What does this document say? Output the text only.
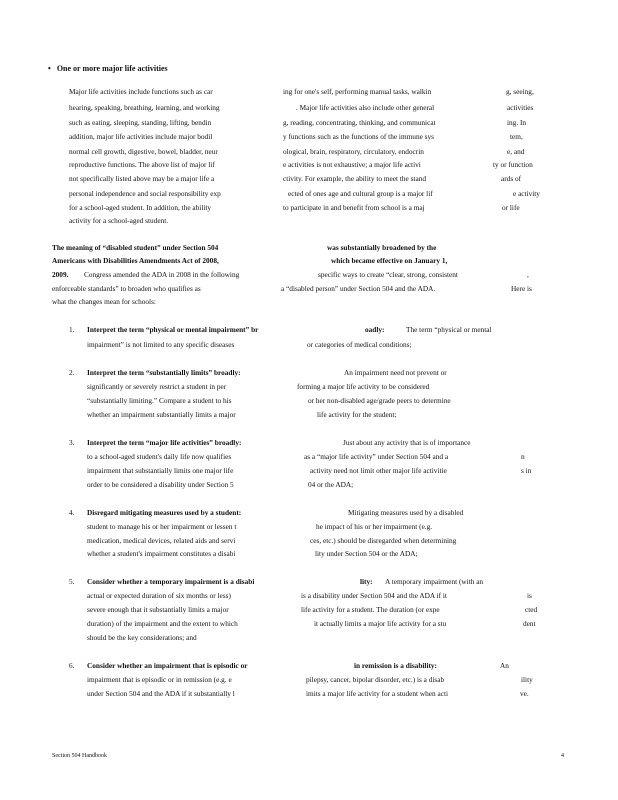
• One or more major life activities
Major life activities include functions such as car	ing for one's self, performing manual tasks, walkin	g, seeing,
hearing, speaking, breathing, learning, and working	. Major life activities also include other general	activities
such as eating, sleeping, standing, lifting, bendin	g, reading, concentrating, thinking, and communicat	ing. In
addition, major life activities include major bodil	y functions such as the functions of the immune sys	tem,
normal cell growth, digestive, bowel, bladder, neur	ological, brain, respiratory, circulatory, endocrin	e, and
reproductive functions. The above list of major lif	e activities is not exhaustive; a major life activi	ty or function
not specifically listed above may be a major life a	ctivity. For example, the ability to meet the stand	ards of
personal independence and social responsibility exp	ected of ones age and cultural group is a major lif	e activity
for a school-aged student. In addition, the ability	to participate in and benefit from school is a maj	or life
activity for a school-aged student.
The meaning of “disabled student” under Section 504	was substantially broadened by the
Americans with Disabilities Amendments Act of 2008,	which became effective on January 1,
2009. Congress amended the ADA in 2008 in the following	specific ways to create “clear, strong, consistent	,
enforceable standards” to broaden who qualifies as	a “disabled person” under Section 504 and the ADA.	Here is
what the changes mean for schools:
1. Interpret the term “physical or mental impairment” br	oadly:	The term “physical or mental
impairment” is not limited to any specific diseases	or categories of medical conditions;
2. Interpret the term “substantially limits” broadly:	An impairment need not prevent or
significantly or severely restrict a student in per	forming a major life activity to be considered
“substantially limiting.” Compare a student to his	or her non-disabled age/grade peers to determine
whether an impairment substantially limits a major	life activity for the student;
3. Interpret the term “major life activities” broadly:	Just about any activity that is of importance
to a school-aged student's daily life now qualifies	as a “major life activity” under Section 504 and a	n
impairment that substantially limits one major life	activity need not limit other major life activitie	s in
order to be considered a disability under Section 5	04 or the ADA;
4. Disregard mitigating measures used by a student:	Mitigating measures used by a disabled
student to manage his or her impairment or lessen t	he impact of his or her impairment (e.g.
medication, medical devices, related aids and servi	ces, etc.) should be disregarded when determining
whether a student's impairment constitutes a disabi	lity under Section 504 or the ADA;
5. Consider whether a temporary impairment is a disabi	lity: A temporary impairment (with an
actual or expected duration of six months or less)	is a disability under Section 504 and the ADA if it	is
severe enough that it substantially limits a major	life activity for a student. The duration (or expe	cted
duration) of the impairment and the extent to which	it actually limits a major life activity for a stu	dent
should be the key considerations; and
6. Consider whether an impairment that is episodic or	in remission is a disability:	An
impairment that is episodic or in remission (e.g. e	pilepsy, cancer, bipolar disorder, etc.) is a disab	ility
under Section 504 and the ADA if it substantially l	imits a major life activity for a student when acti	ve.
Section 504 Handbook	4
